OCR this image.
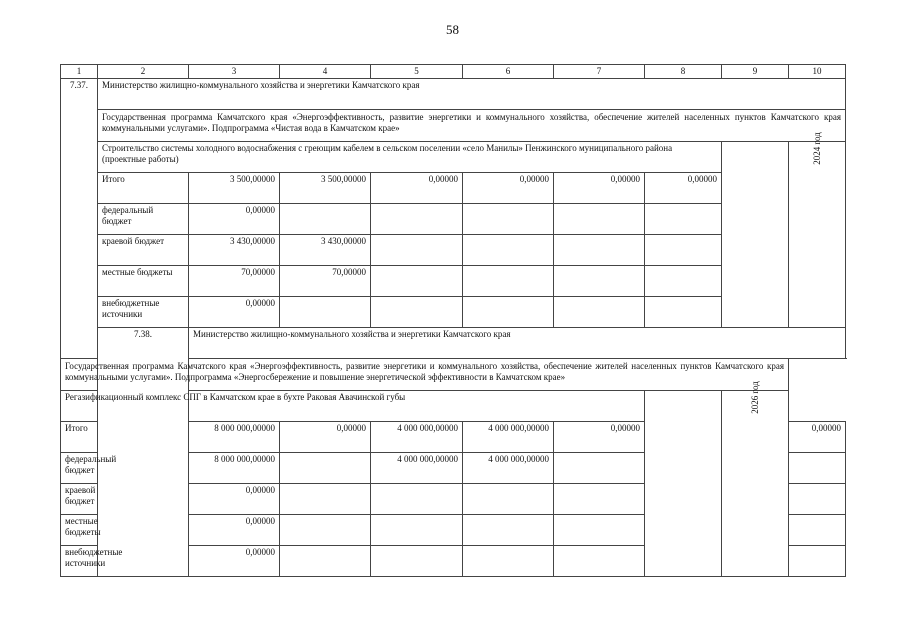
58
1	2	3	4	5	6	7	8	9	10
7.37.	Министерство жилищно-коммунального хозяйства и энергетики Камчатского края								
	Государственная программа Камчатского края «Энергоэффективность, развитие энергетики и коммунального хозяйства, обеспечение жителей населенных пунктов Камчатского края коммунальными услугами». Подпрограмма «Чистая вода в Камчатском крае»								
	Строительство системы холодного водоснабжения с греющим кабелем в сельском поселении «село Манилы» Пенжинского муниципального района (проектные работы)								2024 год
	Итого	3 500,00000	3 500,00000	0,00000	0,00000	0,00000	0,00000		
	федеральный бюджет	0,00000							
	краевой бюджет	3 430,00000	3 430,00000						
	местные бюджеты	70,00000	70,00000						
	внебюджетные источники	0,00000							
	7.38.	Министерство жилищно-коммунального хозяйства и энергетики Камчатского края							
Государственная программа Камчатского края «Энергоэффективность, развитие энергетики и коммунального хозяйства, обеспечение жителей населенных пунктов Камчатского края коммунальными услугами». Подпрограмма «Энергосбережение и повышение энергетической эффективности в Камчатском крае»									
Регазификационный комплекс СПГ в Камчатском крае в бухте Раковая Авачинской губы								2026 год	
Итого		8 000 000,00000	0,00000	4 000 000,00000	4 000 000,00000	0,00000			0,00000
федеральный бюджет		8 000 000,00000		4 000 000,00000	4 000 000,00000				
краевой бюджет		0,00000							
местные бюджеты		0,00000							
внебюджетные источники		0,00000							
